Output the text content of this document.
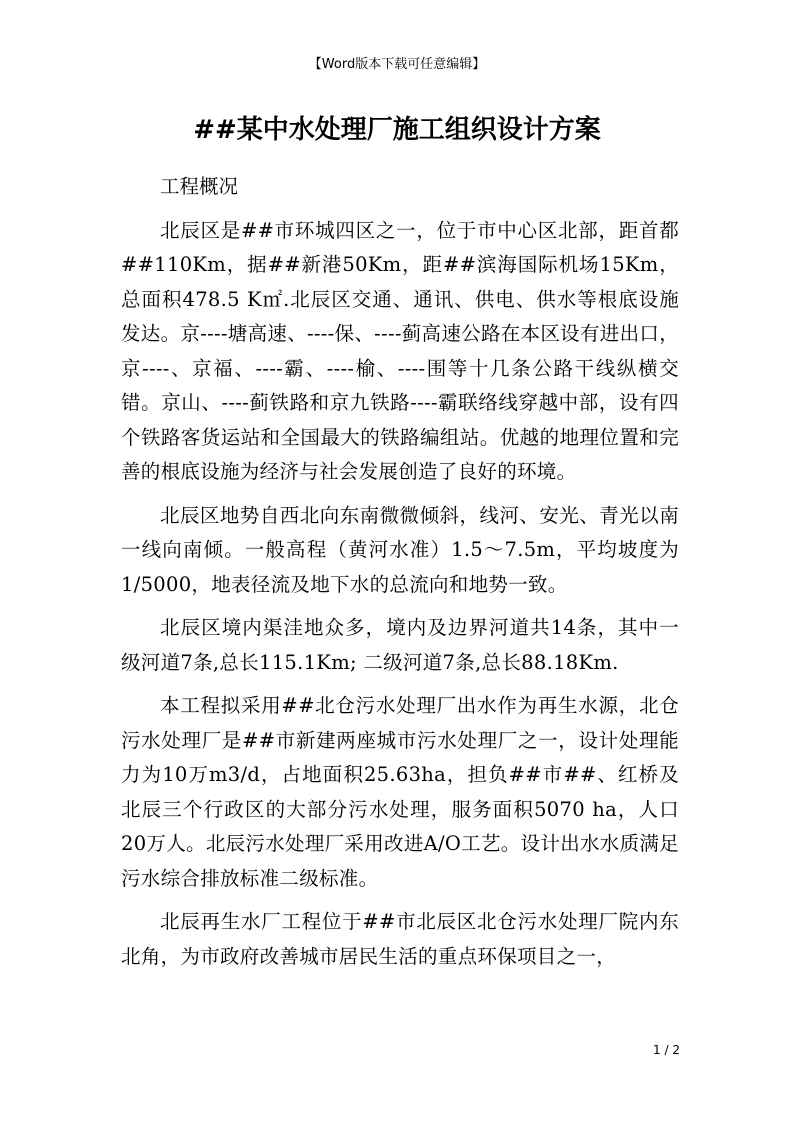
【Word版本下载可任意编辑】
##某中水处理厂施工组织设计方案

工程概况

北辰区是##市环城四区之一，位于市中心区北部，距首都##110Km，据##新港50Km，距##滨海国际机场15Km，总面积478.5 K㎡.北辰区交通、通讯、供电、供水等根底设施发达。京----塘高速、----保、----蓟高速公路在本区设有进出口，京----、京福、----霸、----榆、----围等十几条公路干线纵横交错。京山、----蓟铁路和京九铁路----霸联络线穿越中部，设有四个铁路客货运站和全国最大的铁路编组站。优越的地理位置和完善的根底设施为经济与社会发展创造了良好的环境。

北辰区地势自西北向东南微微倾斜，线河、安光、青光以南一线向南倾。一般高程（黄河水准）1.5～7.5m，平均坡度为1/5000，地表径流及地下水的总流向和地势一致。

北辰区境内渠洼地众多，境内及边界河道共14条，其中一级河道7条,总长115.1Km; 二级河道7条,总长88.18Km.

本工程拟采用##北仓污水处理厂出水作为再生水源，北仓污水处理厂是##市新建两座城市污水处理厂之一，设计处理能力为10万m3/d，占地面积25.63ha，担负##市##、红桥及北辰三个行政区的大部分污水处理，服务面积5070 ha，人口20万人。北辰污水处理厂采用改进A/O工艺。设计出水水质满足污水综合排放标准二级标准。

北辰再生水厂工程位于##市北辰区北仓污水处理厂院内东北角，为市政府改善城市居民生活的重点环保项目之一，

1 / 2
